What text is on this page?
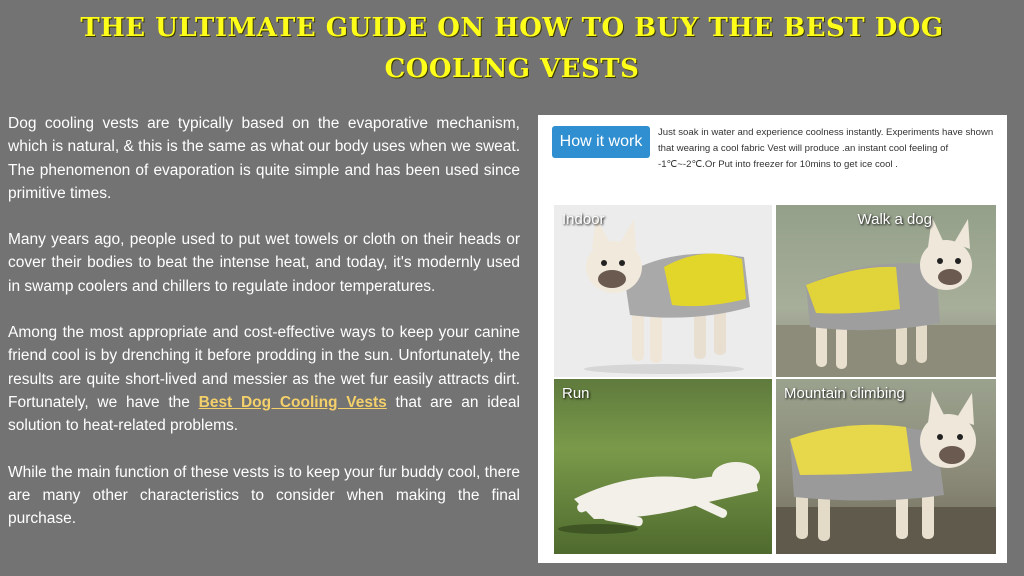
THE ULTIMATE GUIDE ON HOW TO BUY THE BEST DOG
COOLING VESTS

Dog cooling vests are typically based on the evaporative mechanism, which is natural, & this is the same as what our body uses when we sweat. The phenomenon of evaporation is quite simple and has been used since primitive times.

Many years ago, people used to put wet towels or cloth on their heads or cover their bodies to beat the intense heat, and today, it's modernly used in swamp coolers and chillers to regulate indoor temperatures.

Among the most appropriate and cost-effective ways to keep your canine friend cool is by drenching it before prodding in the sun. Unfortunately, the results are quite short-lived and messier as the wet fur easily attracts dirt. Fortunately, we have the Best Dog Cooling Vests that are an ideal solution to heat-related problems.

While the main function of these vests is to keep your fur buddy cool, there are many other characteristics to consider when making the final purchase.

How it work
Just soak in water and experience coolness instantly. Experiments have shown that wearing a cool fabric Vest will produce .an instant cool feeling of -1℃~-2℃.Or Put into freezer for 10mins to get ice cool .
Indoor	Walk a dog
Run	Mountain climbing
